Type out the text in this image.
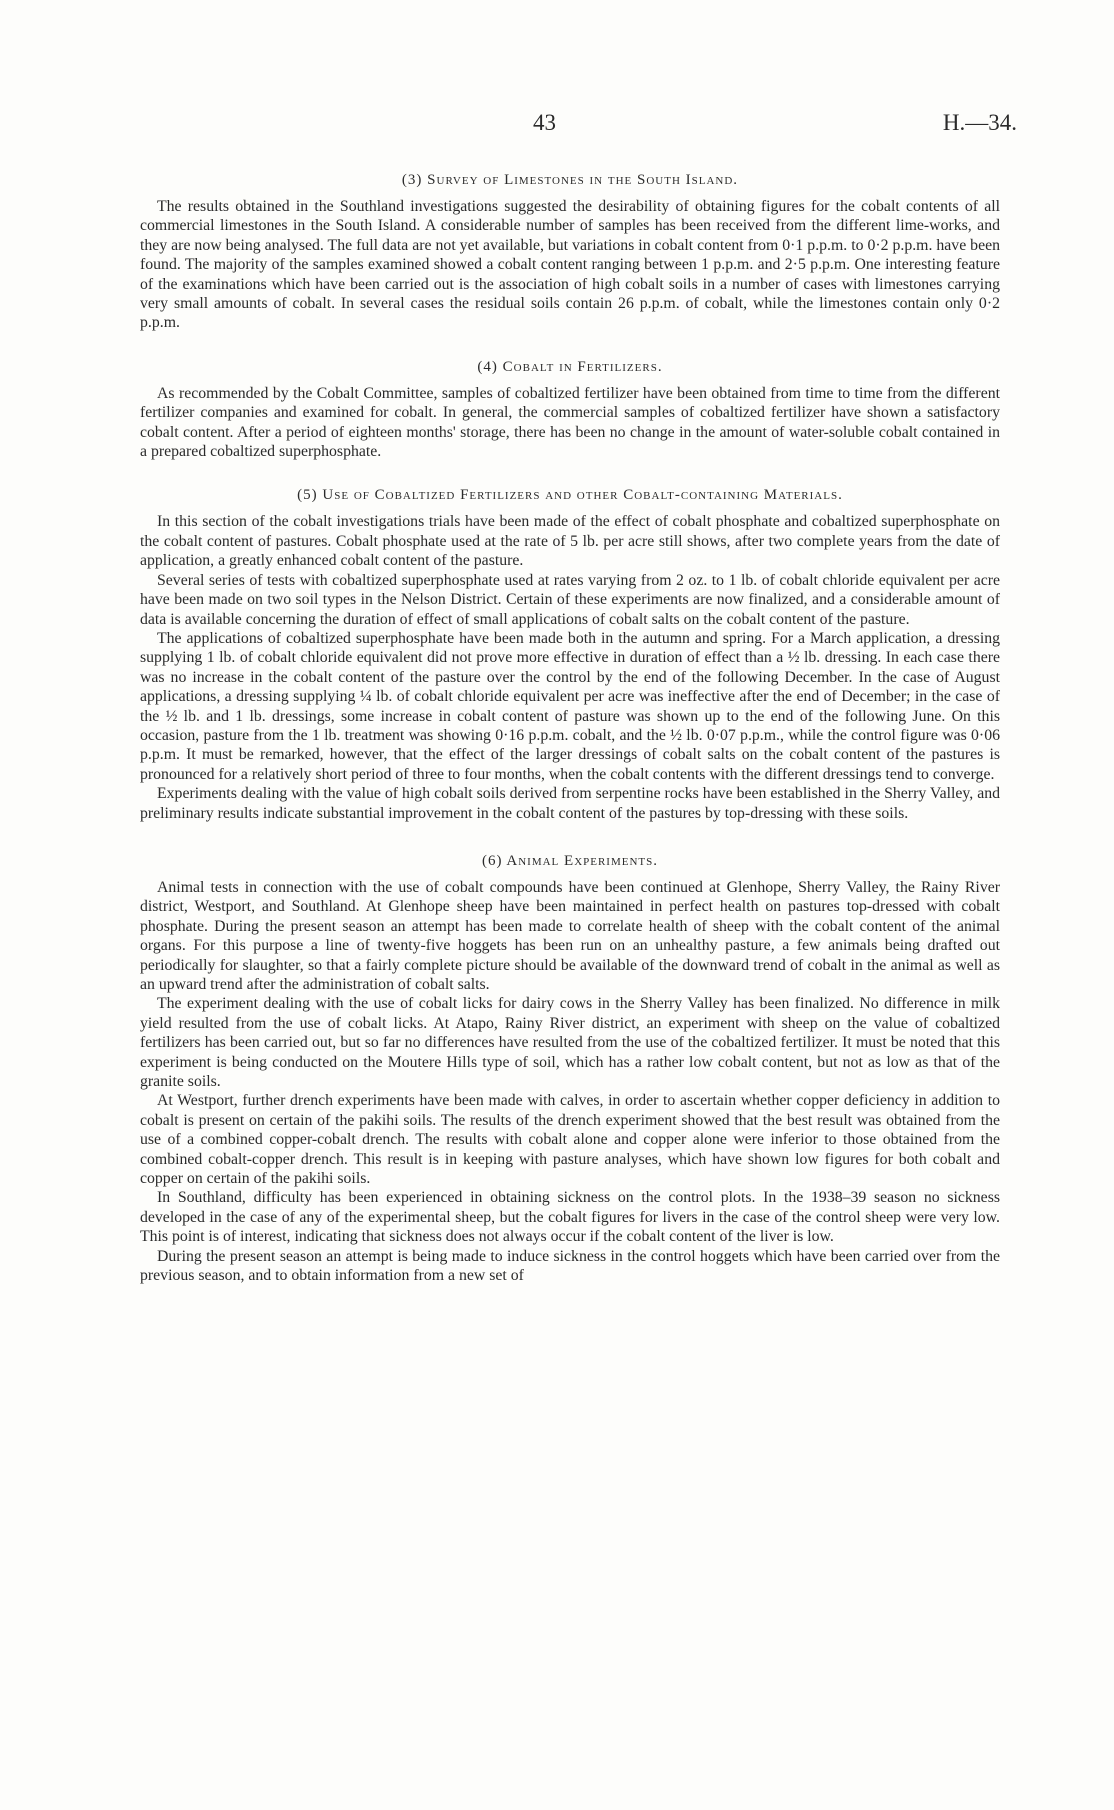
43	H.—34.
(3) Survey of Limestones in the South Island.

The results obtained in the Southland investigations suggested the desirability of obtaining figures for the cobalt contents of all commercial limestones in the South Island. A considerable number of samples has been received from the different lime-works, and they are now being analysed. The full data are not yet available, but variations in cobalt content from 0·1 p.p.m. to 0·2 p.p.m. have been found. The majority of the samples examined showed a cobalt content ranging between 1 p.p.m. and 2·5 p.p.m. One interesting feature of the examinations which have been carried out is the association of high cobalt soils in a number of cases with limestones carrying very small amounts of cobalt. In several cases the residual soils contain 26 p.p.m. of cobalt, while the limestones contain only 0·2 p.p.m.

(4) Cobalt in Fertilizers.

As recommended by the Cobalt Committee, samples of cobaltized fertilizer have been obtained from time to time from the different fertilizer companies and examined for cobalt. In general, the commercial samples of cobaltized fertilizer have shown a satisfactory cobalt content. After a period of eighteen months' storage, there has been no change in the amount of water-soluble cobalt contained in a prepared cobaltized superphosphate.

(5) Use of Cobaltized Fertilizers and other Cobalt-containing Materials.

In this section of the cobalt investigations trials have been made of the effect of cobalt phosphate and cobaltized superphosphate on the cobalt content of pastures. Cobalt phosphate used at the rate of 5 lb. per acre still shows, after two complete years from the date of application, a greatly enhanced cobalt content of the pasture.

Several series of tests with cobaltized superphosphate used at rates varying from 2 oz. to 1 lb. of cobalt chloride equivalent per acre have been made on two soil types in the Nelson District. Certain of these experiments are now finalized, and a considerable amount of data is available concerning the duration of effect of small applications of cobalt salts on the cobalt content of the pasture.

The applications of cobaltized superphosphate have been made both in the autumn and spring. For a March application, a dressing supplying 1 lb. of cobalt chloride equivalent did not prove more effective in duration of effect than a ½ lb. dressing. In each case there was no increase in the cobalt content of the pasture over the control by the end of the following December. In the case of August applications, a dressing supplying ¼ lb. of cobalt chloride equivalent per acre was ineffective after the end of December; in the case of the ½ lb. and 1 lb. dressings, some increase in cobalt content of pasture was shown up to the end of the following June. On this occasion, pasture from the 1 lb. treatment was showing 0·16 p.p.m. cobalt, and the ½ lb. 0·07 p.p.m., while the control figure was 0·06 p.p.m. It must be remarked, however, that the effect of the larger dressings of cobalt salts on the cobalt content of the pastures is pronounced for a relatively short period of three to four months, when the cobalt contents with the different dressings tend to converge.

Experiments dealing with the value of high cobalt soils derived from serpentine rocks have been established in the Sherry Valley, and preliminary results indicate substantial improvement in the cobalt content of the pastures by top-dressing with these soils.

(6) Animal Experiments.

Animal tests in connection with the use of cobalt compounds have been continued at Glenhope, Sherry Valley, the Rainy River district, Westport, and Southland. At Glenhope sheep have been maintained in perfect health on pastures top-dressed with cobalt phosphate. During the present season an attempt has been made to correlate health of sheep with the cobalt content of the animal organs. For this purpose a line of twenty-five hoggets has been run on an unhealthy pasture, a few animals being drafted out periodically for slaughter, so that a fairly complete picture should be available of the downward trend of cobalt in the animal as well as an upward trend after the administration of cobalt salts.

The experiment dealing with the use of cobalt licks for dairy cows in the Sherry Valley has been finalized. No difference in milk yield resulted from the use of cobalt licks. At Atapo, Rainy River district, an experiment with sheep on the value of cobaltized fertilizers has been carried out, but so far no differences have resulted from the use of the cobaltized fertilizer. It must be noted that this experiment is being conducted on the Moutere Hills type of soil, which has a rather low cobalt content, but not as low as that of the granite soils.

At Westport, further drench experiments have been made with calves, in order to ascertain whether copper deficiency in addition to cobalt is present on certain of the pakihi soils. The results of the drench experiment showed that the best result was obtained from the use of a combined copper-cobalt drench. The results with cobalt alone and copper alone were inferior to those obtained from the combined cobalt-copper drench. This result is in keeping with pasture analyses, which have shown low figures for both cobalt and copper on certain of the pakihi soils.

In Southland, difficulty has been experienced in obtaining sickness on the control plots. In the 1938–39 season no sickness developed in the case of any of the experimental sheep, but the cobalt figures for livers in the case of the control sheep were very low. This point is of interest, indicating that sickness does not always occur if the cobalt content of the liver is low.

During the present season an attempt is being made to induce sickness in the control hoggets which have been carried over from the previous season, and to obtain information from a new set of
